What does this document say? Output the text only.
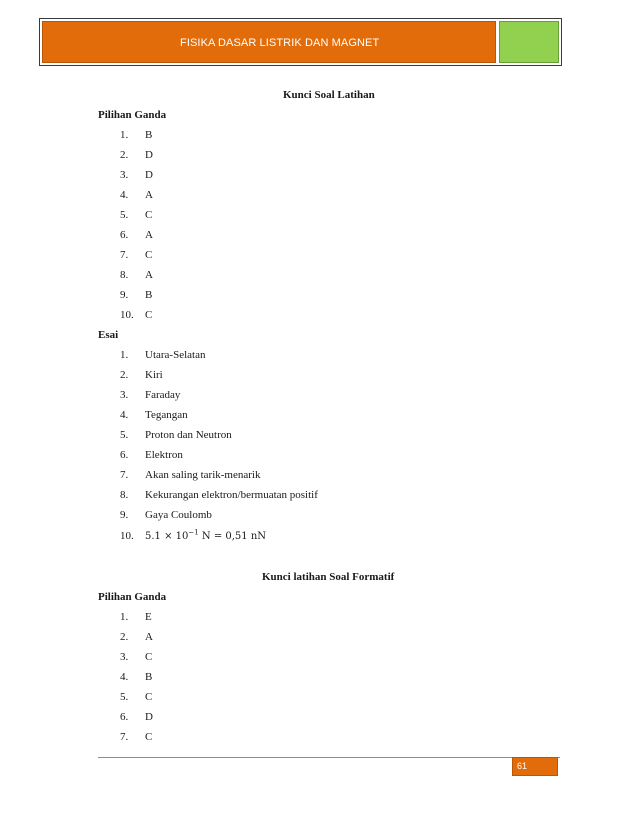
FISIKA DASAR LISTRIK DAN MAGNET
Kunci Soal Latihan
Pilihan Ganda
1. B
2. D
3. D
4. A
5. C
6. A
7. C
8. A
9. B
10. C
Esai
1. Utara-Selatan
2. Kiri
3. Faraday
4. Tegangan
5. Proton dan Neutron
6. Elektron
7. Akan saling tarik-menarik
8. Kekurangan elektron/bermuatan positif
9. Gaya Coulomb
10. $5.1 \times 10^{-1}$ N = 0,51 nN
Kunci latihan Soal Formatif
Pilihan Ganda
1. E
2. A
3. C
4. B
5. C
6. D
7. C
61
